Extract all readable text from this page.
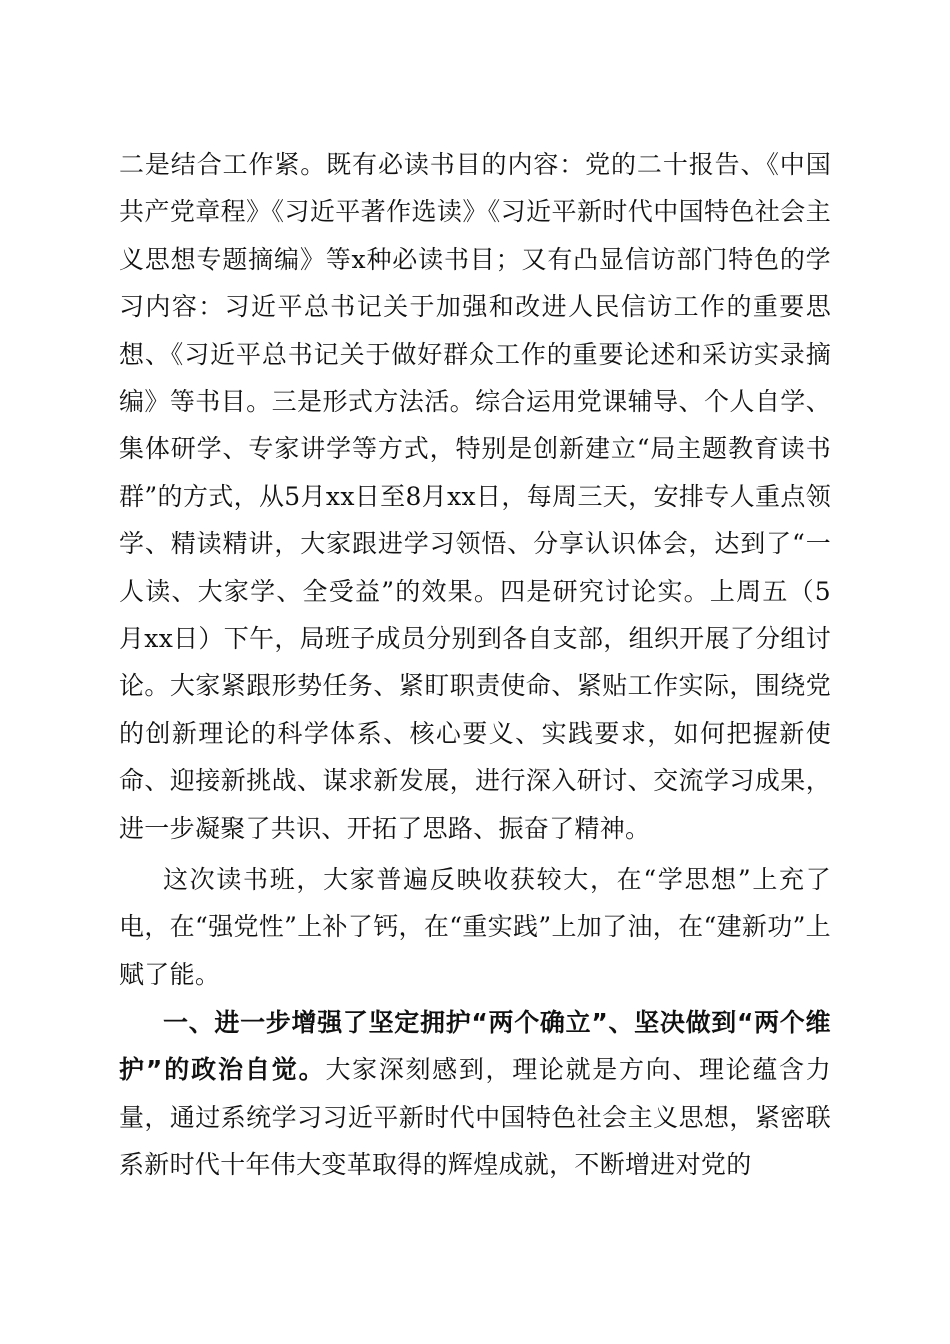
二是结合工作紧。既有必读书目的内容：党的二十报告、《中国共产党章程》《习近平著作选读》《习近平新时代中国特色社会主义思想专题摘编》等x种必读书目；又有凸显信访部门特色的学习内容：习近平总书记关于加强和改进人民信访工作的重要思想、《习近平总书记关于做好群众工作的重要论述和采访实录摘编》等书目。三是形式方法活。综合运用党课辅导、个人自学、集体研学、专家讲学等方式，特别是创新建立“局主题教育读书群”的方式，从5月xx日至8月xx日，每周三天，安排专人重点领学、精读精讲，大家跟进学习领悟、分享认识体会，达到了“一人读、大家学、全受益”的效果。四是研究讨论实。上周五（5月xx日）下午，局班子成员分别到各自支部，组织开展了分组讨论。大家紧跟形势任务、紧盯职责使命、紧贴工作实际，围绕党的创新理论的科学体系、核心要义、实践要求，如何把握新使命、迎接新挑战、谋求新发展，进行深入研讨、交流学习成果，进一步凝聚了共识、开拓了思路、振奋了精神。

这次读书班，大家普遍反映收获较大，在“学思想”上充了电，在“强党性”上补了钙，在“重实践”上加了油，在“建新功”上赋了能。

一、进一步增强了坚定拥护“两个确立”、坚决做到“两个维护”的政治自觉。大家深刻感到，理论就是方向、理论蕴含力量，通过系统学习习近平新时代中国特色社会主义思想，紧密联系新时代十年伟大变革取得的辉煌成就，不断增进对党的
